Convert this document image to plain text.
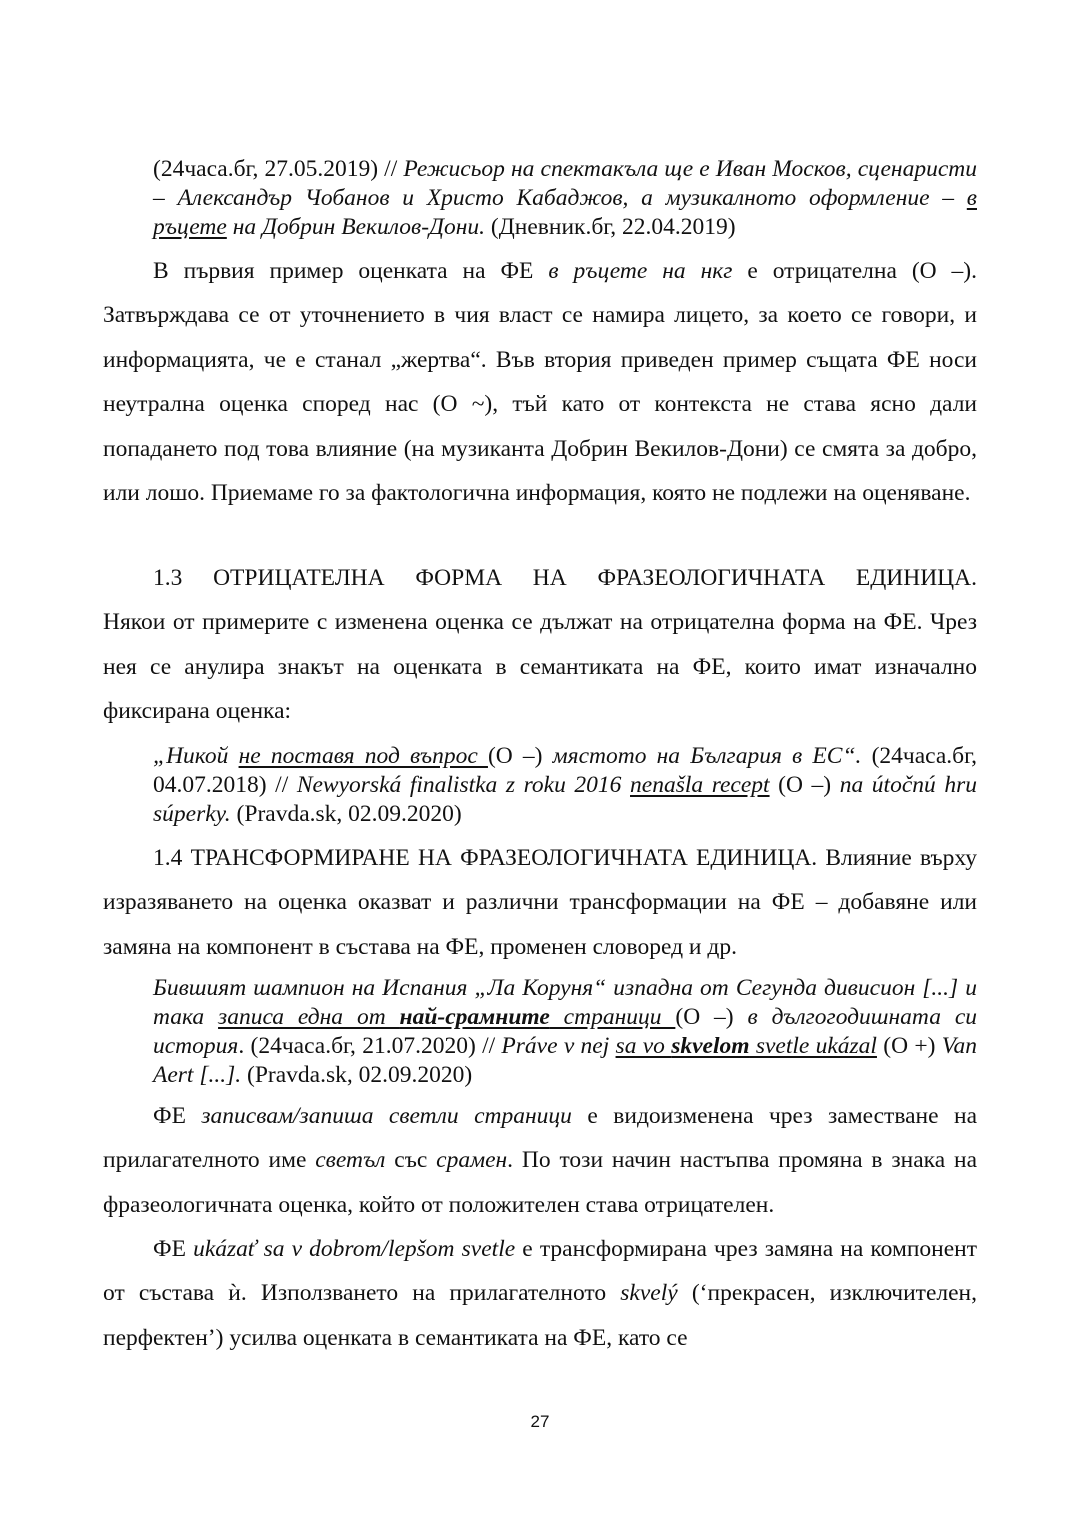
(24часа.бг, 27.05.2019) // Режисьор на спектакъла ще е Иван Москов, сценаристи – Александър Чобанов и Христо Кабаджов, а музикалното оформление – в ръцете на Добрин Векилов-Дони. (Дневник.бг, 22.04.2019)
В първия пример оценката на ФЕ в ръцете на нкг е отрицателна (О –). Затвърждава се от уточнението в чия власт се намира лицето, за което се говори, и информацията, че е станал „жертва“. Във втория приведен пример същата ФЕ носи неутрална оценка според нас (О ~), тъй като от контекста не става ясно дали попадането под това влияние (на музиканта Добрин Векилов-Дони) се смята за добро, или лошо. Приемаме го за фактологична информация, която не подлежи на оценяване.
1.3 ОТРИЦАТЕЛНА ФОРМА НА ФРАЗЕОЛОГИЧНАТА ЕДИНИЦА.
Някои от примерите с изменена оценка се дължат на отрицателна форма на ФЕ. Чрез нея се анулира знакът на оценката в семантиката на ФЕ, които имат изначално фиксирана оценка:
„Никой не поставя под въпрос (О –) мястото на България в ЕС“. (24часа.бг, 04.07.2018) // Newyorská finalistka z roku 2016 nenašla recept (О –) na útočnú hru súperky. (Pravda.sk, 02.09.2020)
1.4 ТРАНСФОРМИРАНЕ НА ФРАЗЕОЛОГИЧНАТА ЕДИНИЦА. Влияние върху изразяването на оценка оказват и различни трансформации на ФЕ – добавяне или замяна на компонент в състава на ФЕ, променен словоред и др.
Бившият шампион на Испания „Ла Коруня“ изпадна от Сегунда дивисион [...] и така записа една от най-срамните страници (О –) в дългогодишната си история. (24часа.бг, 21.07.2020) // Práve v nej sa vo skvelom svetle ukázal (О +) Van Aert [...]. (Pravda.sk, 02.09.2020)
ФЕ записвам/запиша светли страници е видоизменена чрез заместване на прилагателното име светъл със срамен. По този начин настъпва промяна в знака на фразеологичната оценка, който от положителен става отрицателен.
ФЕ ukázať sa v dobrom/lepšom svetle е трансформирана чрез замяна на компонент от състава ѝ. Използването на прилагателното skvelý (‘прекрасен, изключителен, перфектен’) усилва оценката в семантиката на ФЕ, като се
27
